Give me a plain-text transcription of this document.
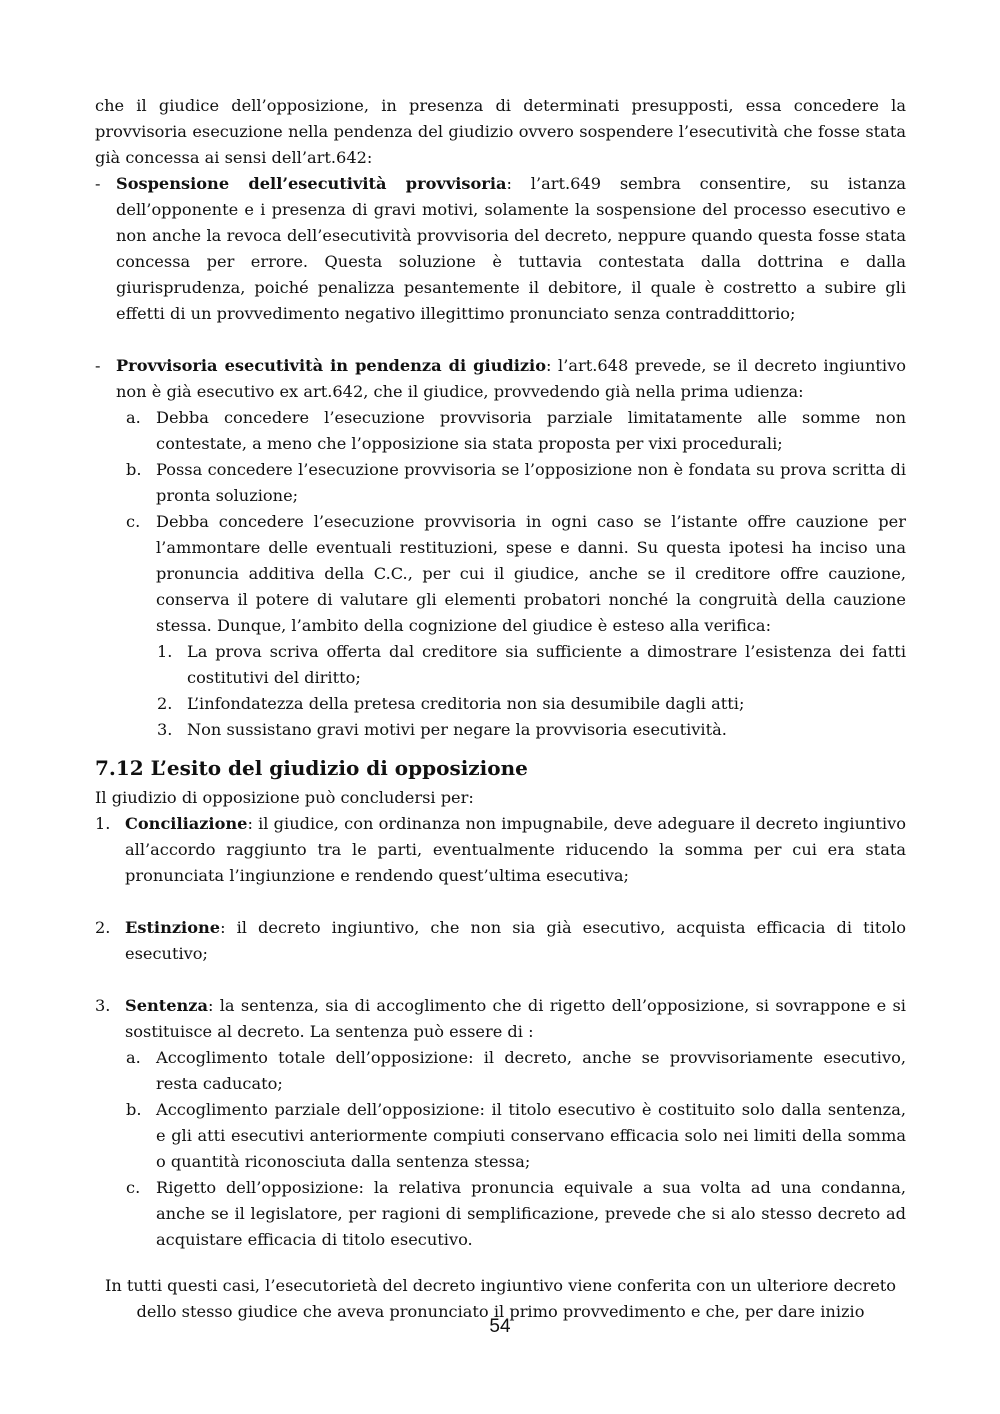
che il giudice dell’opposizione, in presenza di determinati presupposti, essa concedere la provvisoria esecuzione nella pendenza del giudizio ovvero sospendere l’esecutività che fosse stata già concessa ai sensi dell’art.642:

- Sospensione dell’esecutività provvisoria: l’art.649 sembra consentire, su istanza dell’opponente e i presenza di gravi motivi, solamente la sospensione del processo esecutivo e non anche la revoca dell’esecutività provvisoria del decreto, neppure quando questa fosse stata concessa per errore. Questa soluzione è tuttavia contestata dalla dottrina e dalla giurisprudenza, poiché penalizza pesantemente il debitore, il quale è costretto a subire gli effetti di un provvedimento negativo illegittimo pronunciato senza contraddittorio;

- Provvisoria esecutività in pendenza di giudizio: l’art.648 prevede, se il decreto ingiuntivo non è già esecutivo ex art.642, che il giudice, provvedendo già nella prima udienza:

a. Debba concedere l’esecuzione provvisoria parziale limitatamente alle somme non contestate, a meno che l’opposizione sia stata proposta per vixi procedurali;

b. Possa concedere l’esecuzione provvisoria se l’opposizione non è fondata su prova scritta di pronta soluzione;

c. Debba concedere l’esecuzione provvisoria in ogni caso se l’istante offre cauzione per l’ammontare delle eventuali restituzioni, spese e danni. Su questa ipotesi ha inciso una pronuncia additiva della C.C., per cui il giudice, anche se il creditore offre cauzione, conserva il potere di valutare gli elementi probatori nonché la congruità della cauzione stessa. Dunque, l’ambito della cognizione del giudice è esteso alla verifica:

1. La prova scriva offerta dal creditore sia sufficiente a dimostrare l’esistenza dei fatti costitutivi del diritto;

2. L’infondatezza della pretesa creditoria non sia desumibile dagli atti;

3. Non sussistano gravi motivi per negare la provvisoria esecutività.

7.12 L’esito del giudizio di opposizione

Il giudizio di opposizione può concludersi per:

1. Conciliazione: il giudice, con ordinanza non impugnabile, deve adeguare il decreto ingiuntivo all’accordo raggiunto tra le parti, eventualmente riducendo la somma per cui era stata pronunciata l’ingiunzione e rendendo quest’ultima esecutiva;

2. Estinzione: il decreto ingiuntivo, che non sia già esecutivo, acquista efficacia di titolo esecutivo;

3. Sentenza: la sentenza, sia di accoglimento che di rigetto dell’opposizione, si sovrappone e si sostituisce al decreto. La sentenza può essere di :

a. Accoglimento totale dell’opposizione: il decreto, anche se provvisoriamente esecutivo, resta caducato;

b. Accoglimento parziale dell’opposizione: il titolo esecutivo è costituito solo dalla sentenza, e gli atti esecutivi anteriormente compiuti conservano efficacia solo nei limiti della somma o quantità riconosciuta dalla sentenza stessa;

c. Rigetto dell’opposizione: la relativa pronuncia equivale a sua volta ad una condanna, anche se il legislatore, per ragioni di semplificazione, prevede che si alo stesso decreto ad acquistare efficacia di titolo esecutivo.

In tutti questi casi, l’esecutorietà del decreto ingiuntivo viene conferita con un ulteriore decreto dello stesso giudice che aveva pronunciato il primo provvedimento e che, per dare inizio

54
